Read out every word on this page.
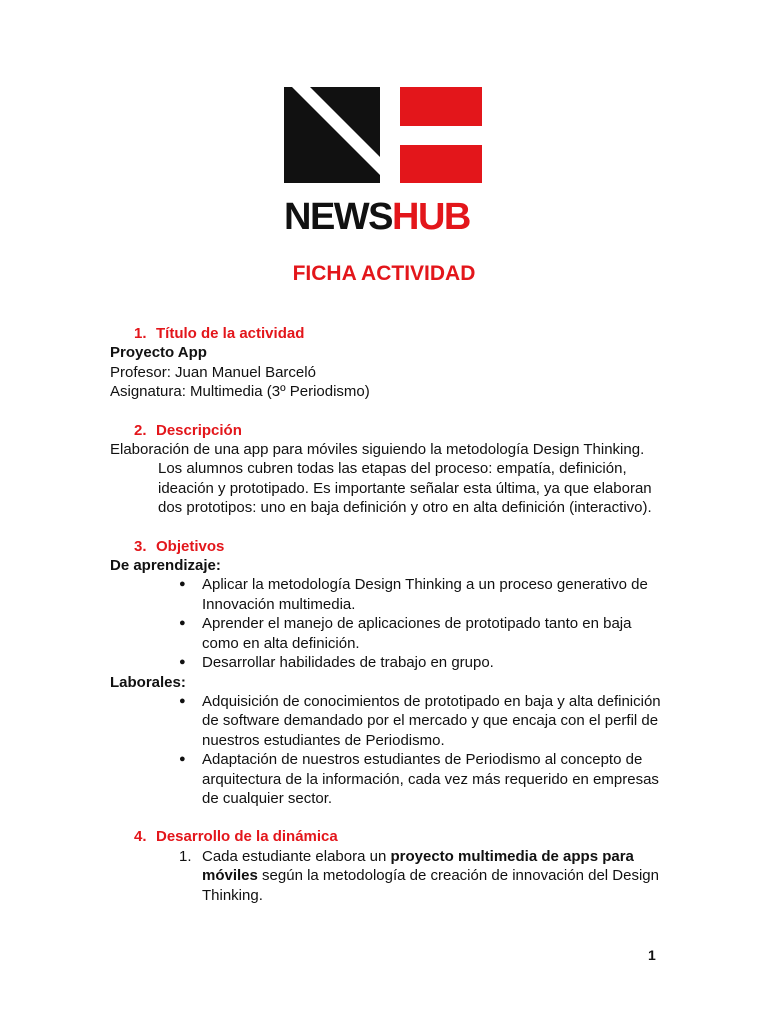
NEWSHUB
FICHA ACTIVIDAD
1. Título de la actividad
Proyecto App
Profesor: Juan Manuel Barceló
Asignatura: Multimedia (3º Periodismo)
2. Descripción
Elaboración de una app para móviles siguiendo la metodología Design Thinking. Los alumnos cubren todas las etapas del proceso: empatía, definición, ideación y prototipado. Es importante señalar esta última, ya que elaboran dos prototipos: uno en baja definición y otro en alta definición (interactivo).
3. Objetivos
De aprendizaje:
● Aplicar la metodología Design Thinking a un proceso generativo de Innovación multimedia.
● Aprender el manejo de aplicaciones de prototipado tanto en baja como en alta definición.
● Desarrollar habilidades de trabajo en grupo.
Laborales:
● Adquisición de conocimientos de prototipado en baja y alta definición de software demandado por el mercado y que encaja con el perfil de nuestros estudiantes de Periodismo.
● Adaptación de nuestros estudiantes de Periodismo al concepto de arquitectura de la información, cada vez más requerido en empresas de cualquier sector.
4. Desarrollo de la dinámica
1. Cada estudiante elabora un proyecto multimedia de apps para móviles según la metodología de creación de innovación del Design Thinking.
1
